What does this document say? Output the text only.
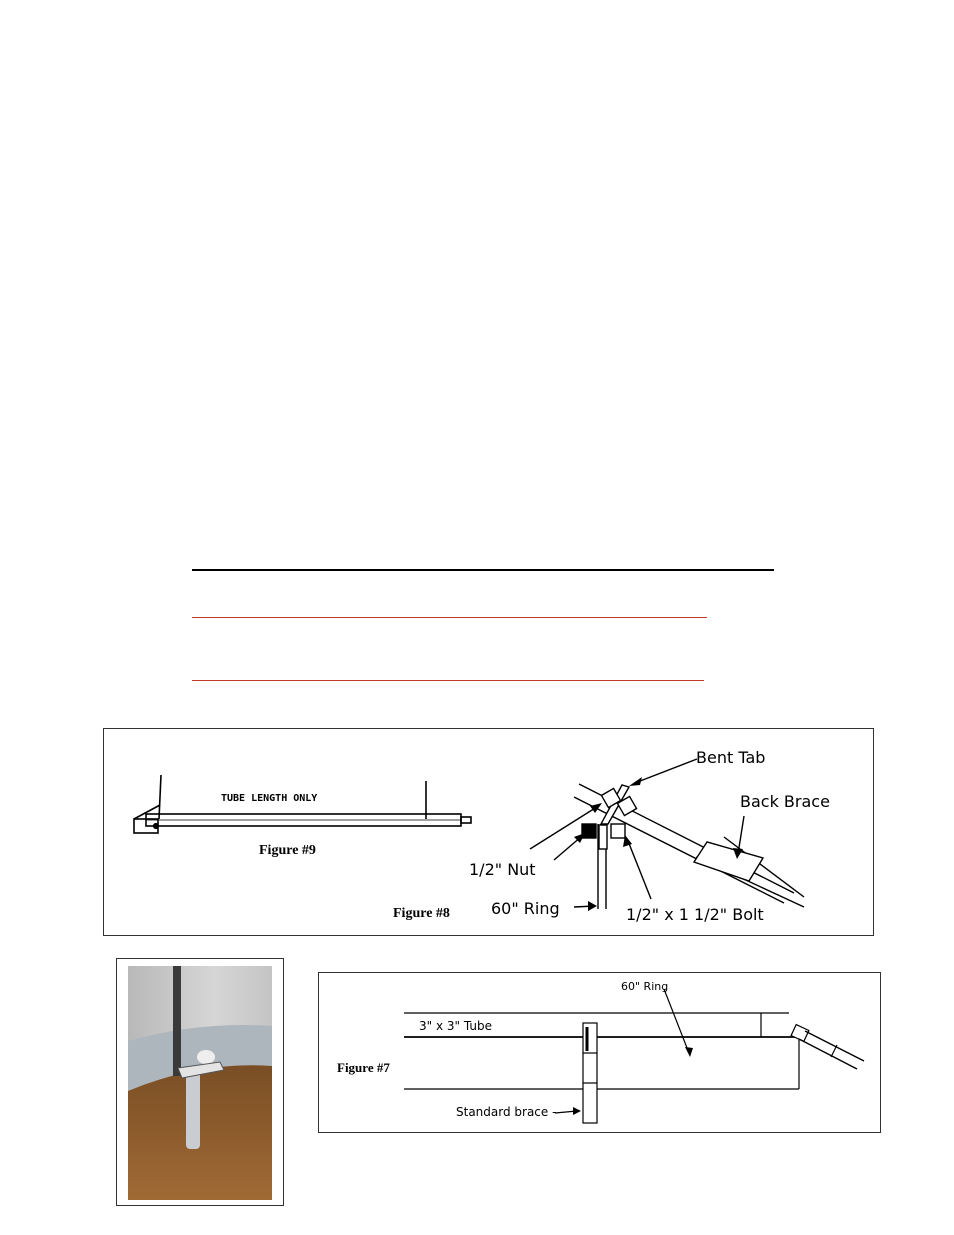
TUBE LENGTH ONLY
Figure #9
Bent Tab
Back Brace
1/2" Nut
60" Ring	1/2" x 1 1/2" Bolt
Figure #8
60" Ring
3" x 3" Tube
Standard brace -
Figure #7
